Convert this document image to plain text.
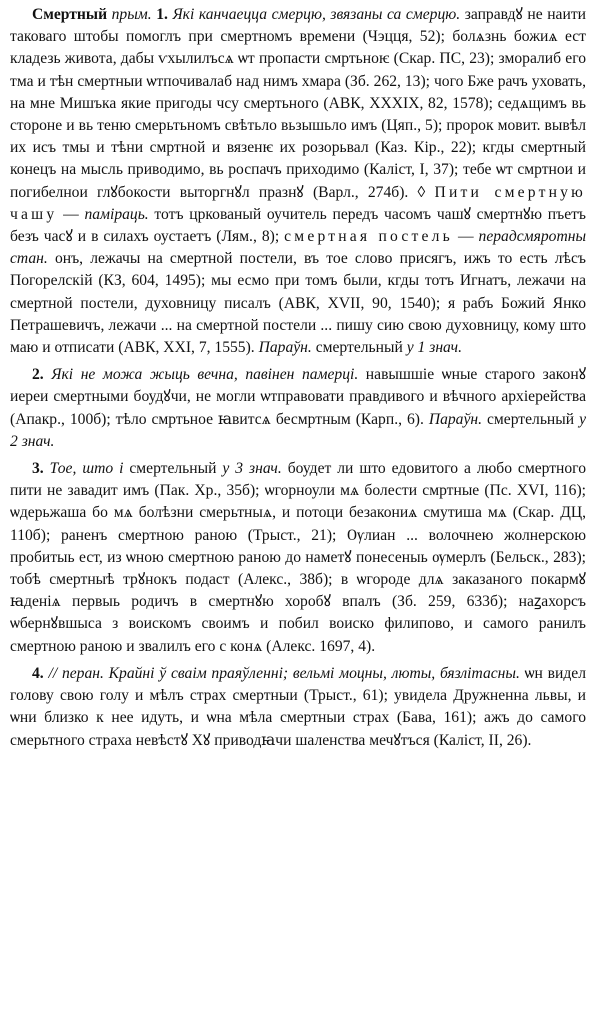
Смертный прым. 1. Які канчаецца смерцю, звязаны са смерцю. заправдꙋ не наити таковаго штобы помоглъ при смертномъ времени (Чэцця, 52); болѧзнь божиѧ ест кладезь живота, дабы ѵхылилъсѧ ѡт пропасти смртьноѥ (Скар. ПС, 23); зморалиб его тма и тѣн смертныи ѡтпочивалаб над нимъ хмара (Зб. 262, 13); чого Бже рачъ уховать, на мне Мишъка якие пригоды чсу смертьного (АВК, XXXIX, 82, 1578); седѧщимъ вь стороне и вь теню смерьтьномъ свѣтьло вьзышьло имъ (Цяп., 5); пророк мовит. вывѣл их исъ тмы и тѣни смртной и вязенѥ их розорьвал (Каз. Кір., 22); кгды смертный конецъ на мысль приводимо, вь роспачъ приходимо (Калiст, I, 37); тебе ѡт смртнои и погибелнои глꙋбокости выторгнꙋл празнꙋ (Варл., 274б). ◊ Пити смертную чашу — паміраць. тотъ цркованый оучитель передъ часомъ чашꙋ смертнꙋю пъетъ безъ часꙋ и в силахъ оустаетъ (Лям., 8); смертная постель — перадсмяротны стан. онъ, лежачы на смертной постели, въ тое слово присягъ, ижъ то есть лѣсъ Погорелскій (КЗ, 604, 1495); мы есмо при томъ были, кгды тотъ Игнатъ, лежачи на смертной постели, духовницу писалъ (АВК, XVII, 90, 1540); я рабъ Божий Янко Петрашевичъ, лежачи ... на смертной постели ... пишу сию свою духовницу, кому што маю и отписати (АВК, XXI, 7, 1555). Параўн. смертельный у 1 знач.

2. Які не можа жыць вечна, павінен памерці. навышшіе ѡные старого законꙋ иереи смертными боудꙋчи, не могли ѡтправовати правдивого и вѣчного архіерейства (Апакр., 100б); тѣло смртьное ꙗвитсѧ бесмртным (Карп., 6). Параўн. смертельный у 2 знач.

3. Тое, што і смертельный у 3 знач. боудет ли што едовитого а любо смертного пити не завадит имъ (Пак. Хр., 35б); ѡгорноули мѧ болести смртные (Пс. XVI, 116); ѡдерьжаша бо мѧ болѣзни смерьтныѧ, и потоци безакониѧ смутиша мѧ (Скар. ДЦ, 110б); раненъ смертною раною (Трыст., 21); Ѹлиан ... волочнею жолнерскою пробитыь ест, из ѡною смертною раною до наметꙋ понесеныь ѹмерлъ (Бельск., 283); тобѣ смертныѣ трꙋнокъ подаст (Алекс., 38б); в ѡгороде длѧ заказаного покармꙋ ꙗденіѧ первыь родичъ в смертнꙋю хоробꙋ впалъ (Зб. 259, 633б); наꙁахорсъ ѡбернꙋвшыса з воискомъ своимъ и побил воиско филипово, и самого ранилъ смертною раною и звалилъ его с конѧ (Алекс. 1697, 4).

4. // перан. Крайні ў сваім праяўленні; вельмі моцны, люты, бязлітасны. ѡн видел голову свою голу и мѣлъ страх смертныи (Трыст., 61); увидела Дружненна львы, и ѡни близко к нее идуть, и ѡна мѣла смертныи страх (Бава, 161); ажъ до самого смерьтного страха невѣстꙋ Хꙋ приводꙗчи шаленства мечꙋтъся (Калiст, II, 26).
